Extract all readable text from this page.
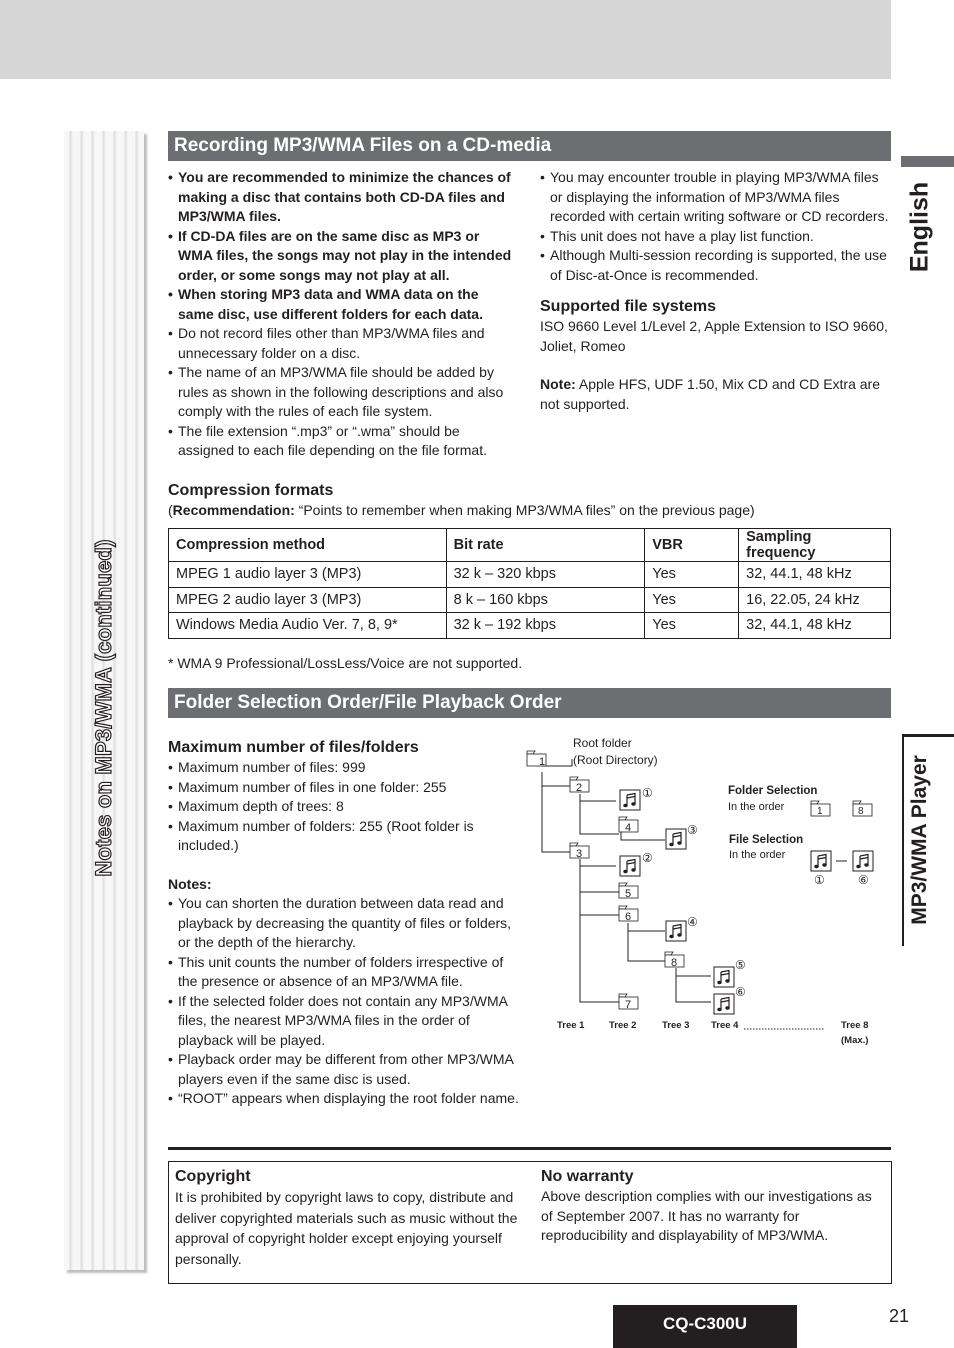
Notes on MP3/WMA (continued)
English
MP3/WMA Player
Recording MP3/WMA Files on a CD-media
• You are recommended to minimize the chances of making a disc that contains both CD-DA files and MP3/WMA files.
• If CD-DA files are on the same disc as MP3 or WMA files, the songs may not play in the intended order, or some songs may not play at all.
• When storing MP3 data and WMA data on the same disc, use different folders for each data.
• Do not record files other than MP3/WMA files and unnecessary folder on a disc.
• The name of an MP3/WMA file should be added by rules as shown in the following descriptions and also comply with the rules of each file system.
• The file extension “.mp3” or “.wma” should be assigned to each file depending on the file format.
• You may encounter trouble in playing MP3/WMA files or displaying the information of MP3/WMA files recorded with certain writing software or CD recorders.
• This unit does not have a play list function.
• Although Multi-session recording is supported, the use of Disc-at-Once is recommended.
Supported file systems
ISO 9660 Level 1/Level 2, Apple Extension to ISO 9660, Joliet, Romeo
Note: Apple HFS, UDF 1.50, Mix CD and CD Extra are not supported.
Compression formats
(Recommendation: “Points to remember when making MP3/WMA files” on the previous page)
Compression method	Bit rate	VBR	Sampling frequency
MPEG 1 audio layer 3 (MP3)	32 k – 320 kbps	Yes	32, 44.1, 48 kHz
MPEG 2 audio layer 3 (MP3)	8 k – 160 kbps	Yes	16, 22.05, 24 kHz
Windows Media Audio Ver. 7, 8, 9*	32 k – 192 kbps	Yes	32, 44.1, 48 kHz
* WMA 9 Professional/LossLess/Voice are not supported.
Folder Selection Order/File Playback Order
Maximum number of files/folders
• Maximum number of files: 999
• Maximum number of files in one folder: 255
• Maximum depth of trees: 8
• Maximum number of folders: 255 (Root folder is included.)
Notes:
• You can shorten the duration between data read and playback by decreasing the quantity of files or folders, or the depth of the hierarchy.
• This unit counts the number of folders irrespective of the presence or absence of an MP3/WMA file.
• If the selected folder does not contain any MP3/WMA files, the nearest MP3/WMA files in the order of playback will be played.
• Playback order may be different from other MP3/WMA players even if the same disc is used.
• “ROOT” appears when displaying the root folder name.
Root folder
(Root Directory)
1
2
3
4
5
6
7
8
①
②
③
④
⑤
⑥
Folder Selection
In the order	1	8
File Selection
In the order
①	⑥
Tree 1	Tree 2	Tree 3 Tree 4	Tree 8
(Max.)
Copyright
It is prohibited by copyright laws to copy, distribute and deliver copyrighted materials such as music without the approval of copyright holder except enjoying yourself personally.
No warranty
Above description complies with our investigations as of September 2007. It has no warranty for reproducibility and displayability of MP3/WMA.
CQ-C300U	21
